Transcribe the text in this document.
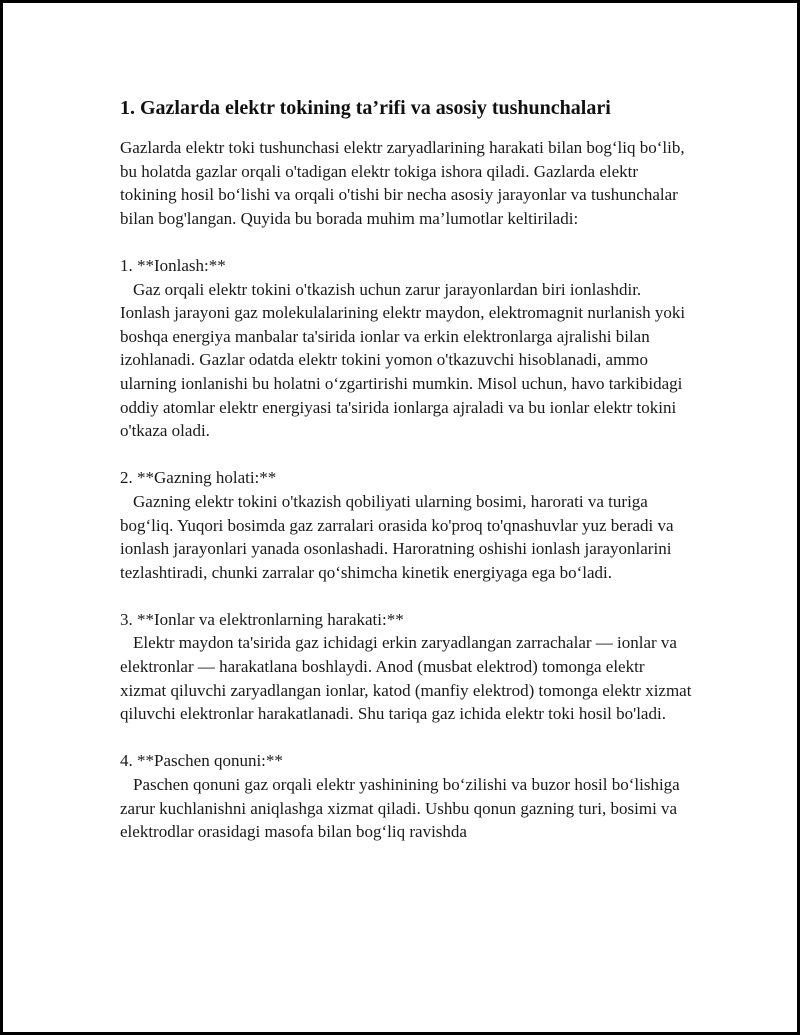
1. Gazlarda elektr tokining ta’rifi va asosiy tushunchalari

Gazlarda elektr toki tushunchasi elektr zaryadlarining harakati bilan bog‘liq bo‘lib, bu holatda gazlar orqali o'tadigan elektr tokiga ishora qiladi. Gazlarda elektr tokining hosil bo‘lishi va orqali o'tishi bir necha asosiy jarayonlar va tushunchalar bilan bog'langan. Quyida bu borada muhim ma’lumotlar keltiriladi:

1. **Ionlash:**

Gaz orqali elektr tokini o'tkazish uchun zarur jarayonlardan biri ionlashdir. Ionlash jarayoni gaz molekulalarining elektr maydon, elektromagnit nurlanish yoki boshqa energiya manbalar ta'sirida ionlar va erkin elektronlarga ajralishi bilan izohlanadi. Gazlar odatda elektr tokini yomon o'tkazuvchi hisoblanadi, ammo ularning ionlanishi bu holatni o‘zgartirishi mumkin. Misol uchun, havo tarkibidagi oddiy atomlar elektr energiyasi ta'sirida ionlarga ajraladi va bu ionlar elektr tokini o'tkaza oladi.

2. **Gazning holati:**

Gazning elektr tokini o'tkazish qobiliyati ularning bosimi, harorati va turiga bog‘liq. Yuqori bosimda gaz zarralari orasida ko'proq to'qnashuvlar yuz beradi va ionlash jarayonlari yanada osonlashadi. Haroratning oshishi ionlash jarayonlarini tezlashtiradi, chunki zarralar qo‘shimcha kinetik energiyaga ega bo‘ladi.

3. **Ionlar va elektronlarning harakati:**

Elektr maydon ta'sirida gaz ichidagi erkin zaryadlangan zarrachalar — ionlar va elektronlar — harakatlana boshlaydi. Anod (musbat elektrod) tomonga elektr xizmat qiluvchi zaryadlangan ionlar, katod (manfiy elektrod) tomonga elektr xizmat qiluvchi elektronlar harakatlanadi. Shu tariqa gaz ichida elektr toki hosil bo'ladi.

4. **Paschen qonuni:**

Paschen qonuni gaz orqali elektr yashinining bo‘zilishi va buzor hosil bo‘lishiga zarur kuchlanishni aniqlashga xizmat qiladi. Ushbu qonun gazning turi, bosimi va elektrodlar orasidagi masofa bilan bog‘liq ravishda
